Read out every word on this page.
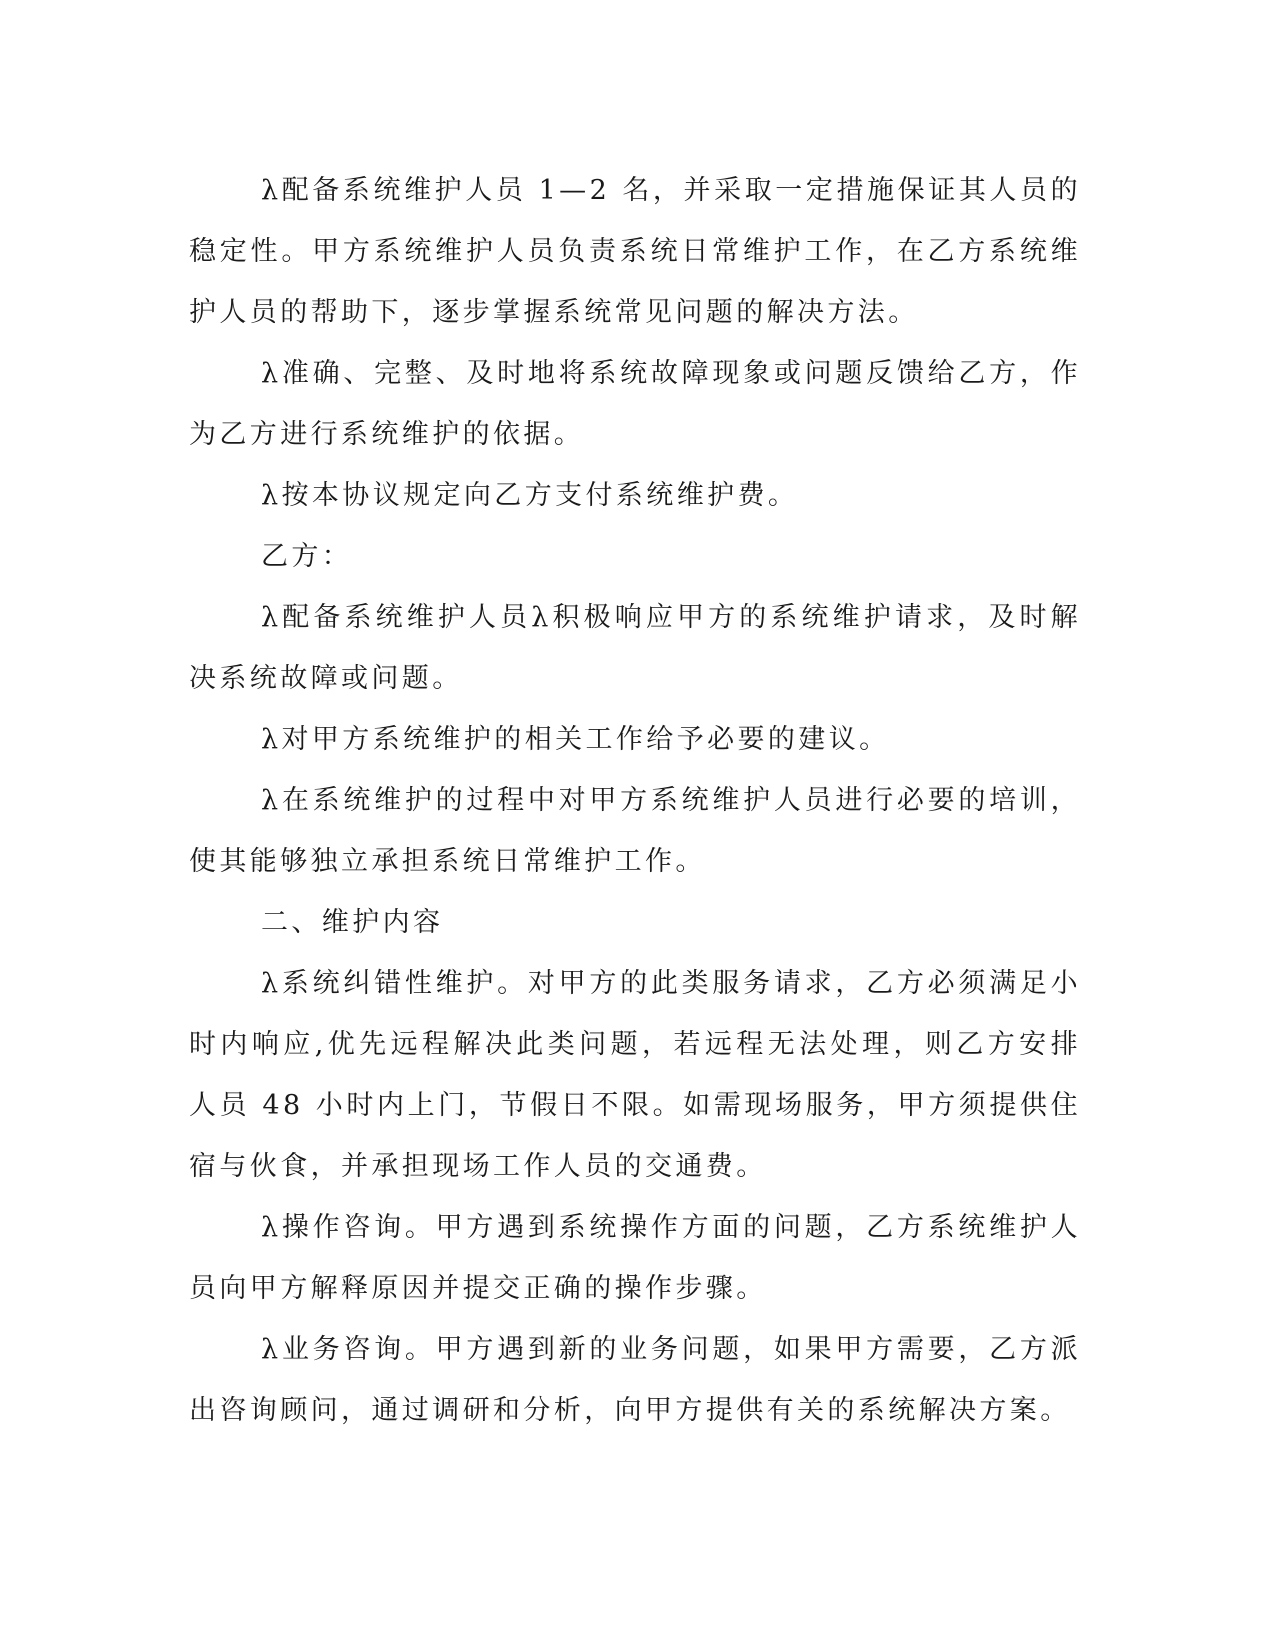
λ配备系统维护人员 1—2 名，并采取一定措施保证其人员的稳定性。甲方系统维护人员负责系统日常维护工作，在乙方系统维护人员的帮助下，逐步掌握系统常见问题的解决方法。

λ准确、完整、及时地将系统故障现象或问题反馈给乙方，作为乙方进行系统维护的依据。

λ按本协议规定向乙方支付系统维护费。

乙方：

λ配备系统维护人员λ积极响应甲方的系统维护请求，及时解决系统故障或问题。

λ对甲方系统维护的相关工作给予必要的建议。

λ在系统维护的过程中对甲方系统维护人员进行必要的培训，使其能够独立承担系统日常维护工作。

二、维护内容

λ系统纠错性维护。对甲方的此类服务请求，乙方必须满足小时内响应,优先远程解决此类问题，若远程无法处理，则乙方安排人员 48 小时内上门，节假日不限。如需现场服务，甲方须提供住宿与伙食，并承担现场工作人员的交通费。

λ操作咨询。甲方遇到系统操作方面的问题，乙方系统维护人员向甲方解释原因并提交正确的操作步骤。

λ业务咨询。甲方遇到新的业务问题，如果甲方需要，乙方派出咨询顾问，通过调研和分析，向甲方提供有关的系统解决方案。
